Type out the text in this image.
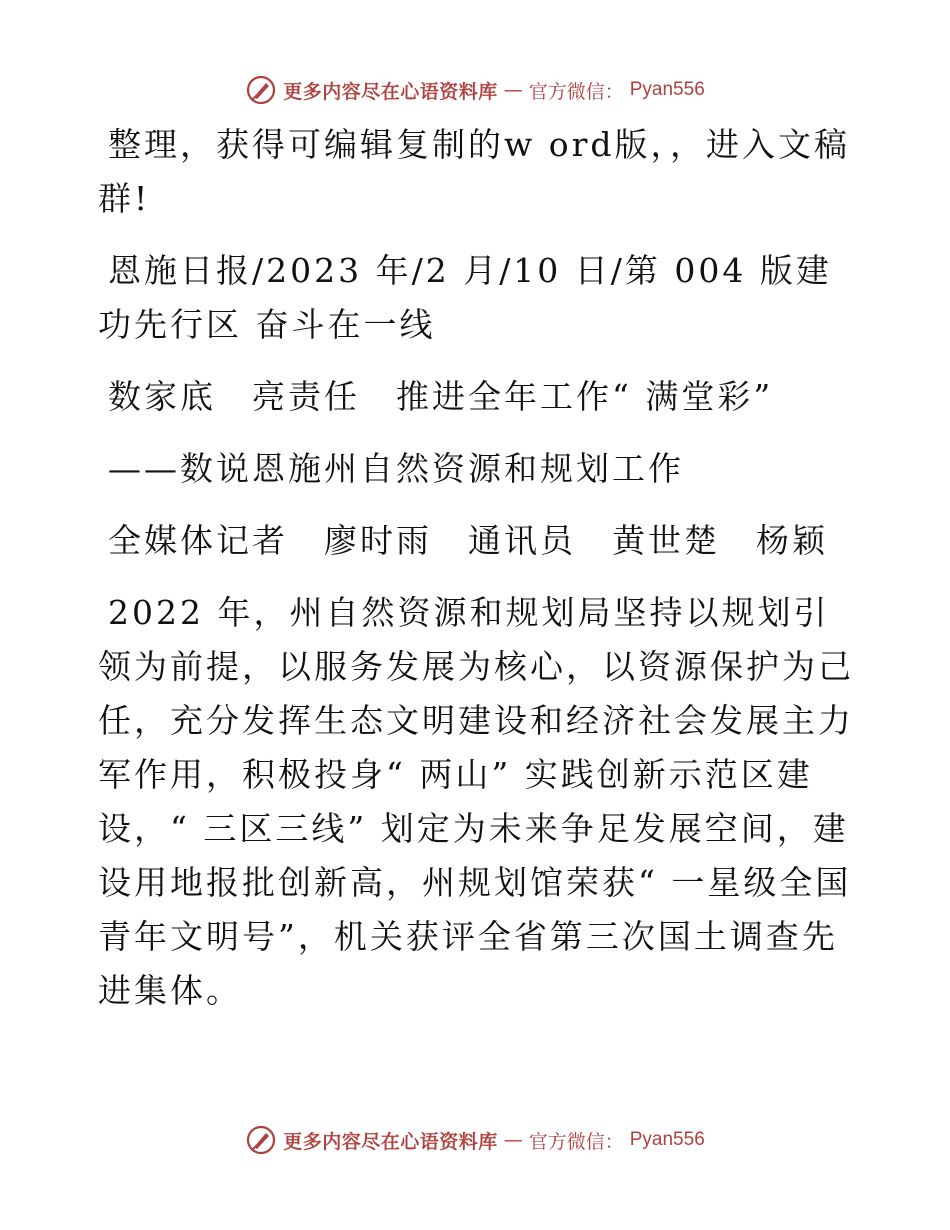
更多内容尽在心语资料库 — 官方微信： Pyan556

整理，获得可编辑复制的w ord版，，进入文稿群!

恩施日报/2023 年/2 月/10 日/第 004 版建功先行区 奋斗在一线

数家底　亮责任　推进全年工作“ 满堂彩”

——数说恩施州自然资源和规划工作

全媒体记者　廖时雨　通讯员　黄世楚　杨颖

2022 年，州自然资源和规划局坚持以规划引领为前提，以服务发展为核心，以资源保护为己任，充分发挥生态文明建设和经济社会发展主力军作用，积极投身“ 两山” 实践创新示范区建设，“ 三区三线” 划定为未来争足发展空间，建设用地报批创新高，州规划馆荣获“ 一星级全国青年文明号”，机关获评全省第三次国土调查先进集体。

更多内容尽在心语资料库 — 官方微信： Pyan556
